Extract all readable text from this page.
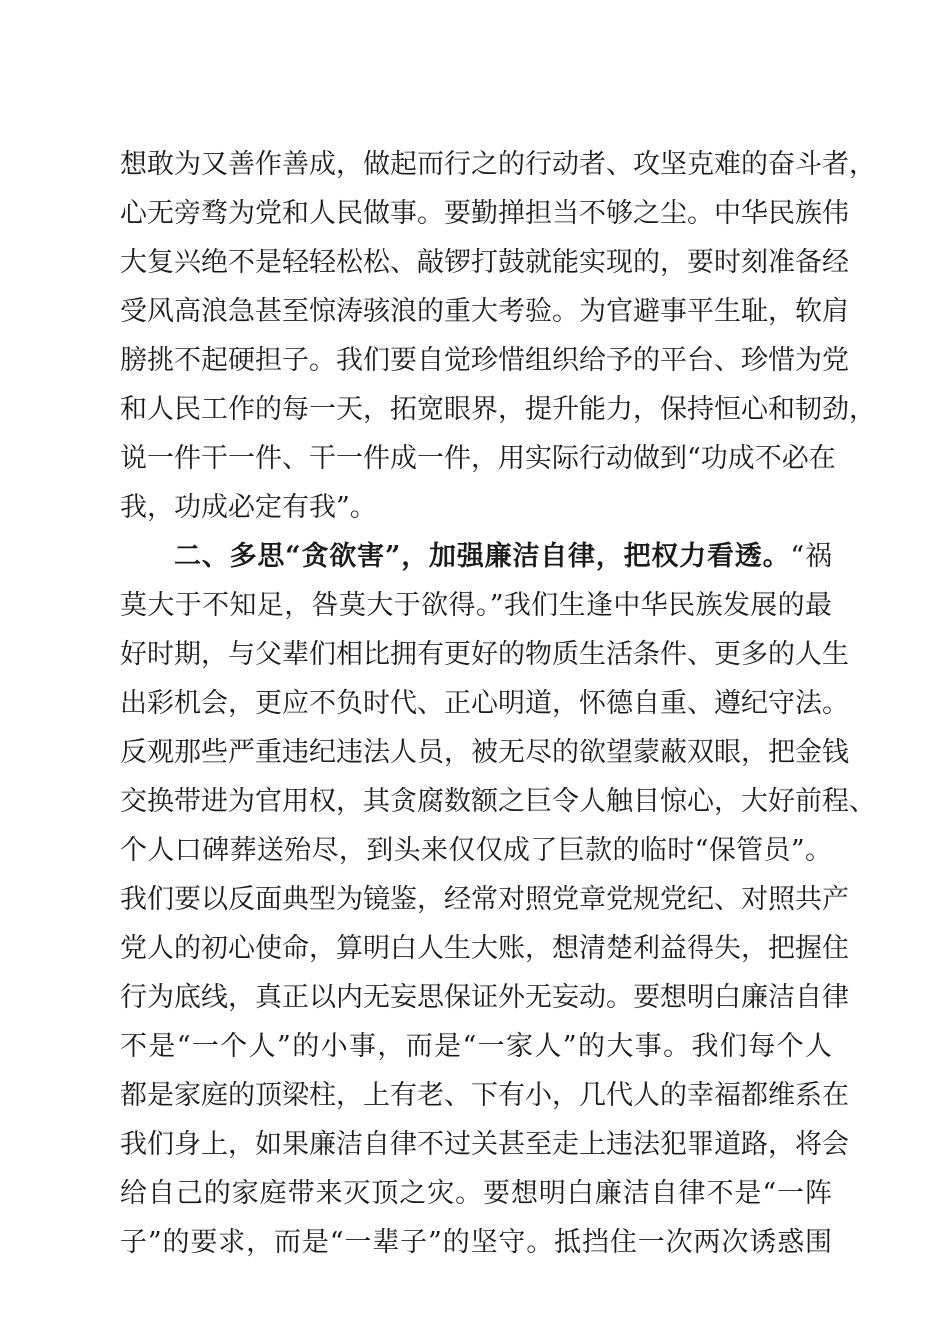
想敢为又善作善成，做起而行之的行动者、攻坚克难的奋斗者，
心无旁骛为党和人民做事。要勤掸担当不够之尘。中华民族伟
大复兴绝不是轻轻松松、敲锣打鼓就能实现的，要时刻准备经
受风高浪急甚至惊涛骇浪的重大考验。为官避事平生耻，软肩
膀挑不起硬担子。我们要自觉珍惜组织给予的平台、珍惜为党
和人民工作的每一天，拓宽眼界，提升能力，保持恒心和韧劲，
说一件干一件、干一件成一件，用实际行动做到“功成不必在
我，功成必定有我”。
二、多思“贪欲害”，加强廉洁自律，把权力看透。“祸
莫大于不知足，咎莫大于欲得。”我们生逢中华民族发展的最
好时期，与父辈们相比拥有更好的物质生活条件、更多的人生
出彩机会，更应不负时代、正心明道，怀德自重、遵纪守法。
反观那些严重违纪违法人员，被无尽的欲望蒙蔽双眼，把金钱
交换带进为官用权，其贪腐数额之巨令人触目惊心，大好前程、
个人口碑葬送殆尽，到头来仅仅成了巨款的临时“保管员”。
我们要以反面典型为镜鉴，经常对照党章党规党纪、对照共产
党人的初心使命，算明白人生大账，想清楚利益得失，把握住
行为底线，真正以内无妄思保证外无妄动。要想明白廉洁自律
不是“一个人”的小事，而是“一家人”的大事。我们每个人
都是家庭的顶梁柱，上有老、下有小，几代人的幸福都维系在
我们身上，如果廉洁自律不过关甚至走上违法犯罪道路，将会
给自己的家庭带来灭顶之灾。要想明白廉洁自律不是“一阵
子”的要求，而是“一辈子”的坚守。抵挡住一次两次诱惑围
